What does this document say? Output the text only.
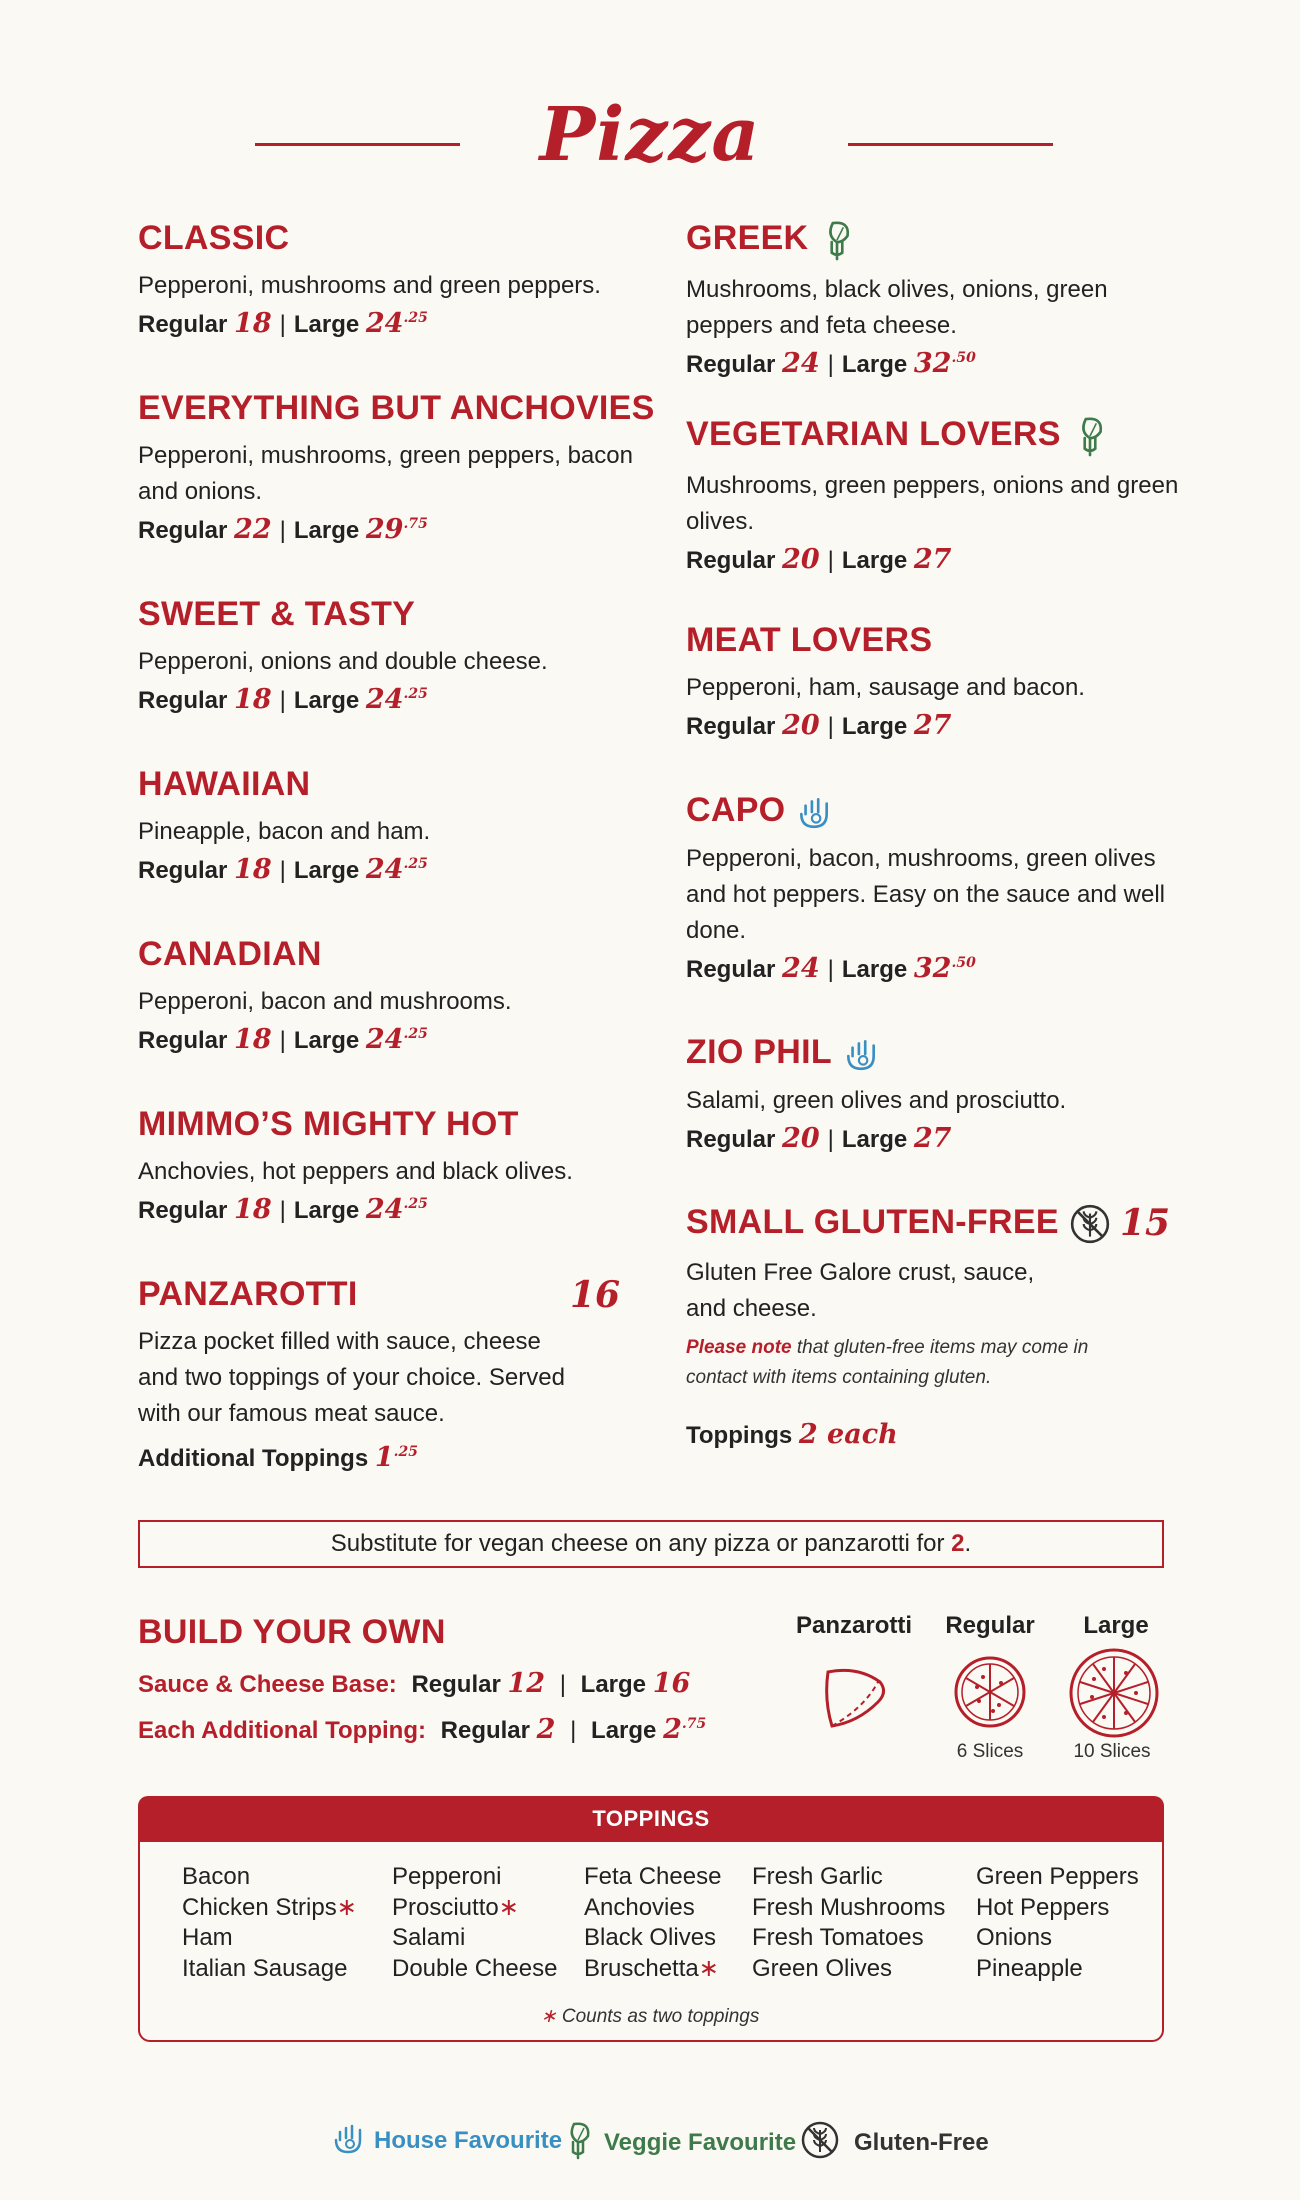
Pizza
CLASSIC
Pepperoni, mushrooms and green peppers.
Regular 18 | Large $24^{.25}$
EVERYTHING BUT ANCHOVIES
Pepperoni, mushrooms, green peppers, bacon and onions.
Regular 22 | Large $29^{.75}$
SWEET & TASTY
Pepperoni, onions and double cheese.
Regular 18 | Large $24^{.25}$
HAWAIIAN
Pineapple, bacon and ham.
Regular 18 | Large $24^{.25}$
CANADIAN
Pepperoni, bacon and mushrooms.
Regular 18 | Large $24^{.25}$
MIMMO’S MIGHTY HOT
Anchovies, hot peppers and black olives.
Regular 18 | Large $24^{.25}$
PANZAROTTI	16
Pizza pocket filled with sauce, cheese and two toppings of your choice. Served with our famous meat sauce.
Additional Toppings $1^{.25}$
GREEK
Mushrooms, black olives, onions, green peppers and feta cheese.
Regular 24 | Large $32^{.50}$
VEGETARIAN LOVERS
Mushrooms, green peppers, onions and green olives.
Regular 20 | Large 27
MEAT LOVERS
Pepperoni, ham, sausage and bacon.
Regular 20 | Large 27
CAPO
Pepperoni, bacon, mushrooms, green olives and hot peppers. Easy on the sauce and well done.
Regular 24 | Large $32^{.50}$
ZIO PHIL
Salami, green olives and prosciutto.
Regular 20 | Large 27
SMALL GLUTEN-FREE	15
Gluten Free Galore crust, sauce, and cheese.
Please note that gluten-free items may come in contact with items containing gluten.
Toppings 2 each
Substitute for vegan cheese on any pizza or panzarotti for 2.
BUILD YOUR OWN
Sauce & Cheese Base: Regular 12 | Large 16
Each Additional Topping: Regular 2 | Large $2^{.75}$
Panzarotti	Regular	Large
6 Slices	10 Slices
TOPPINGS
Bacon
Chicken Strips∗
Ham
Italian Sausage
Pepperoni
Prosciutto∗
Salami
Double Cheese
Feta Cheese
Anchovies
Black Olives
Bruschetta∗
Fresh Garlic
Fresh Mushrooms
Fresh Tomatoes
Green Olives
Green Peppers
Hot Peppers
Onions
Pineapple
∗ Counts as two toppings
House Favourite	Veggie Favourite	Gluten-Free
